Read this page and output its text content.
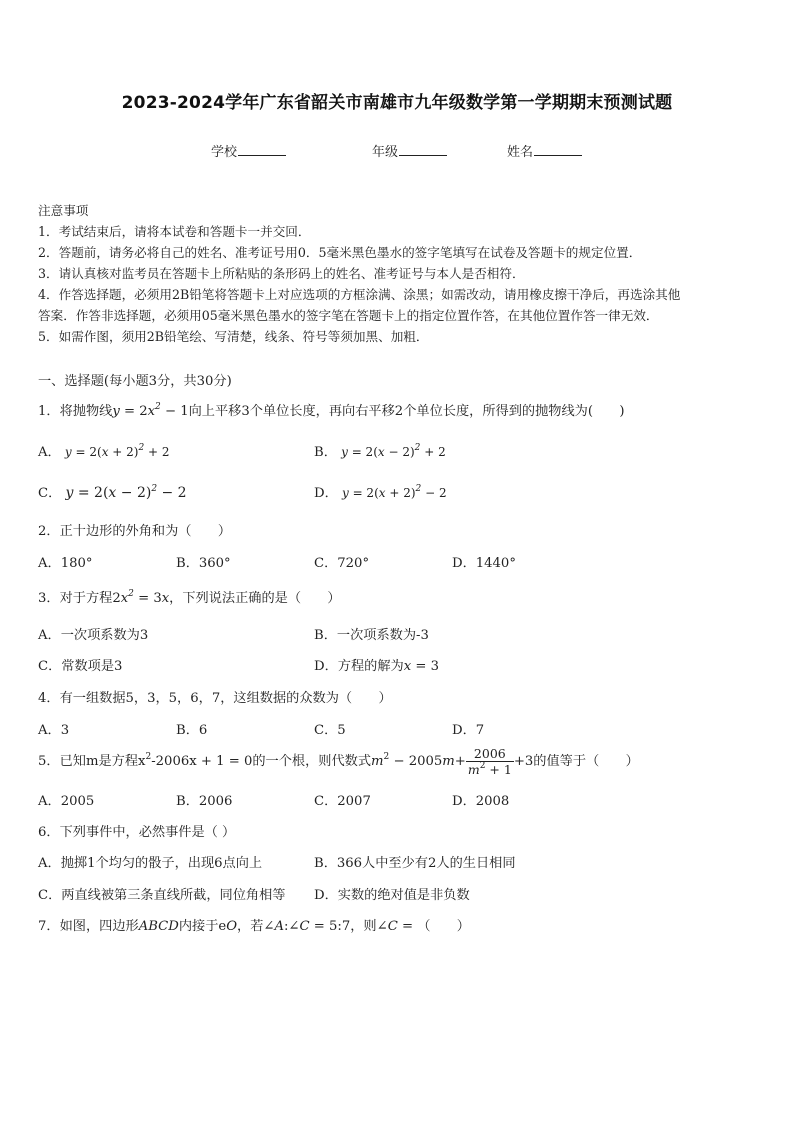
2023-2024学年广东省韶关市南雄市九年级数学第一学期期末预测试题
学校	年级	姓名
注意事项
1．考试结束后，请将本试卷和答题卡一并交回．
2．答题前，请务必将自己的姓名、准考证号用0．5毫米黑色墨水的签字笔填写在试卷及答题卡的规定位置．
3．请认真核对监考员在答题卡上所粘贴的条形码上的姓名、准考证号与本人是否相符．
4．作答选择题，必须用2B铅笔将答题卡上对应选项的方框涂满、涂黑；如需改动，请用橡皮擦干净后，再选涂其他
答案．作答非选择题，必须用05毫米黑色墨水的签字笔在答题卡上的指定位置作答，在其他位置作答一律无效．
5．如需作图，须用2B铅笔绘、写清楚，线条、符号等须加黑、加粗．
一、选择题(每小题3分，共30分)
1．将抛物线$y = 2x^2 - 1$向上平移3个单位长度，再向右平移2个单位长度，所得到的抛物线为(　　)
A． $y = 2(x + 2)^2 + 2$	B． $y = 2(x - 2)^2 + 2$
C． $y = 2(x - 2)^2 - 2$	D． $y = 2(x + 2)^2 - 2$
2．正十边形的外角和为（　　）
A．180°	B．360°	C．720°	D．1440°
3．对于方程$2x^2 = 3x$，下列说法正确的是（　　）
A．一次项系数为3	B．一次项系数为-3
C．常数项是3	D．方程的解为x = 3
4．有一组数据5，3，5，6，7，这组数据的众数为（　　）
A．3	B．6	C．5	D．7
5．已知m是方程$x^2-2006x + 1 = 0$的一个根，则代数式$m^2 - 2005m+ \frac{2006}{m^2 + 1} +3$的值等于（　　）
A．2005	B．2006	C．2007	D．2008
6．下列事件中，必然事件是（ ）
A．抛掷1个均匀的骰子，出现6点向上	B．366人中至少有2人的生日相同
C．两直线被第三条直线所截，同位角相等 D．实数的绝对值是非负数
7．如图，四边形ABCD内接于eO，若∠A:∠C = 5:7，则∠C = （　　）
